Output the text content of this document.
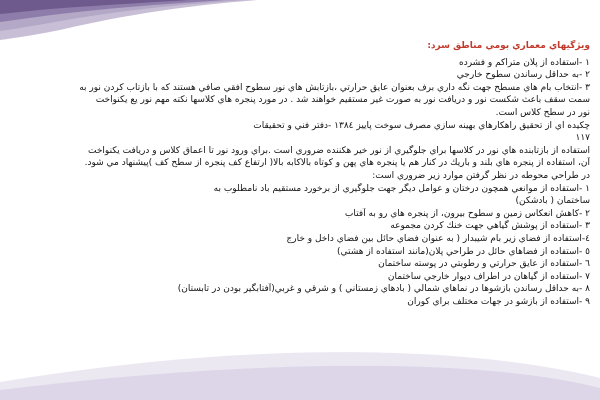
ويژگيهاي معماري بومي مناطق سرد:
۱ -استفاده از پلان متراكم و فشرده
۲ -به حداقل رساندن سطوح خارجي
۳ -انتخاب بام هاي مسطح جهت نگه داري برف بعنوان عايق حرارتي ،بازتابش هاي نور سطوح افقي صافي هستند كه با بازتاب كردن نور به
سمت سقف باعث شكست نور و دريافت نور به صورت غير مستقيم خواهند شد . در مورد پنجره هاي كلاسها نكته مهم نور يع يكنواخت
نور در سطح كلاس است.
چكيده اي از تحقيق راهكارهاي بهينه سازي مصرف سوخت پاييز ۱۳۸٤ -دفتر فني و تحقيقات
۱۱۷
استفاده از بازتابنده هاي نور در كلاسها براي جلوگيري از نور خير هكننده ضروري است .براي ورود نور تا اعماق كلاس و دريافت يكنواخت
آن، استفاده از پنجره هاي بلند و باريك در كنار هم يا پنجره هاي پهن و كوتاه بالاكابه بالا( ارتفاع كف پنجره از سطح كف )پيشنهاد مي شود.
در طراحي محوطه در نظر گرفتن موارد زير ضروري است:
۱ -استفاده از موانعي همچون درختان و عوامل ديگر جهت جلوگيري از برخورد مستقيم باد نامطلوب به
ساختمان ( بادشكن)
۲ -كاهش انعكاس زمين و سطوح بيرون، از پنجره هاي رو به آفتاب
۳ -استفاده از پوشش گياهي جهت خنك كردن مجموعه
٤-استفاده از فضاي زير بام شيبدار ( به عنوان فضاي حائل بين فضاي داخل و خارج
٥ -استفاده از فضاهاي حائل در طراحي پلان(مانند استفاده از هشتي)
٦ -استفاده از عايق حرارتي و رطوبتي در پوسته ساختمان
۷ -استفاده از گياهان در اطراف ديوار خارجي ساختمان
۸ -به حداقل رساندن بازشوها در نماهاي شمالي ( بادهاي زمستاني ) و شرقي و غربي(آفتابگير بودن در تابستان)
۹ -استفاده از بازشو در جهات مختلف براي كوران
